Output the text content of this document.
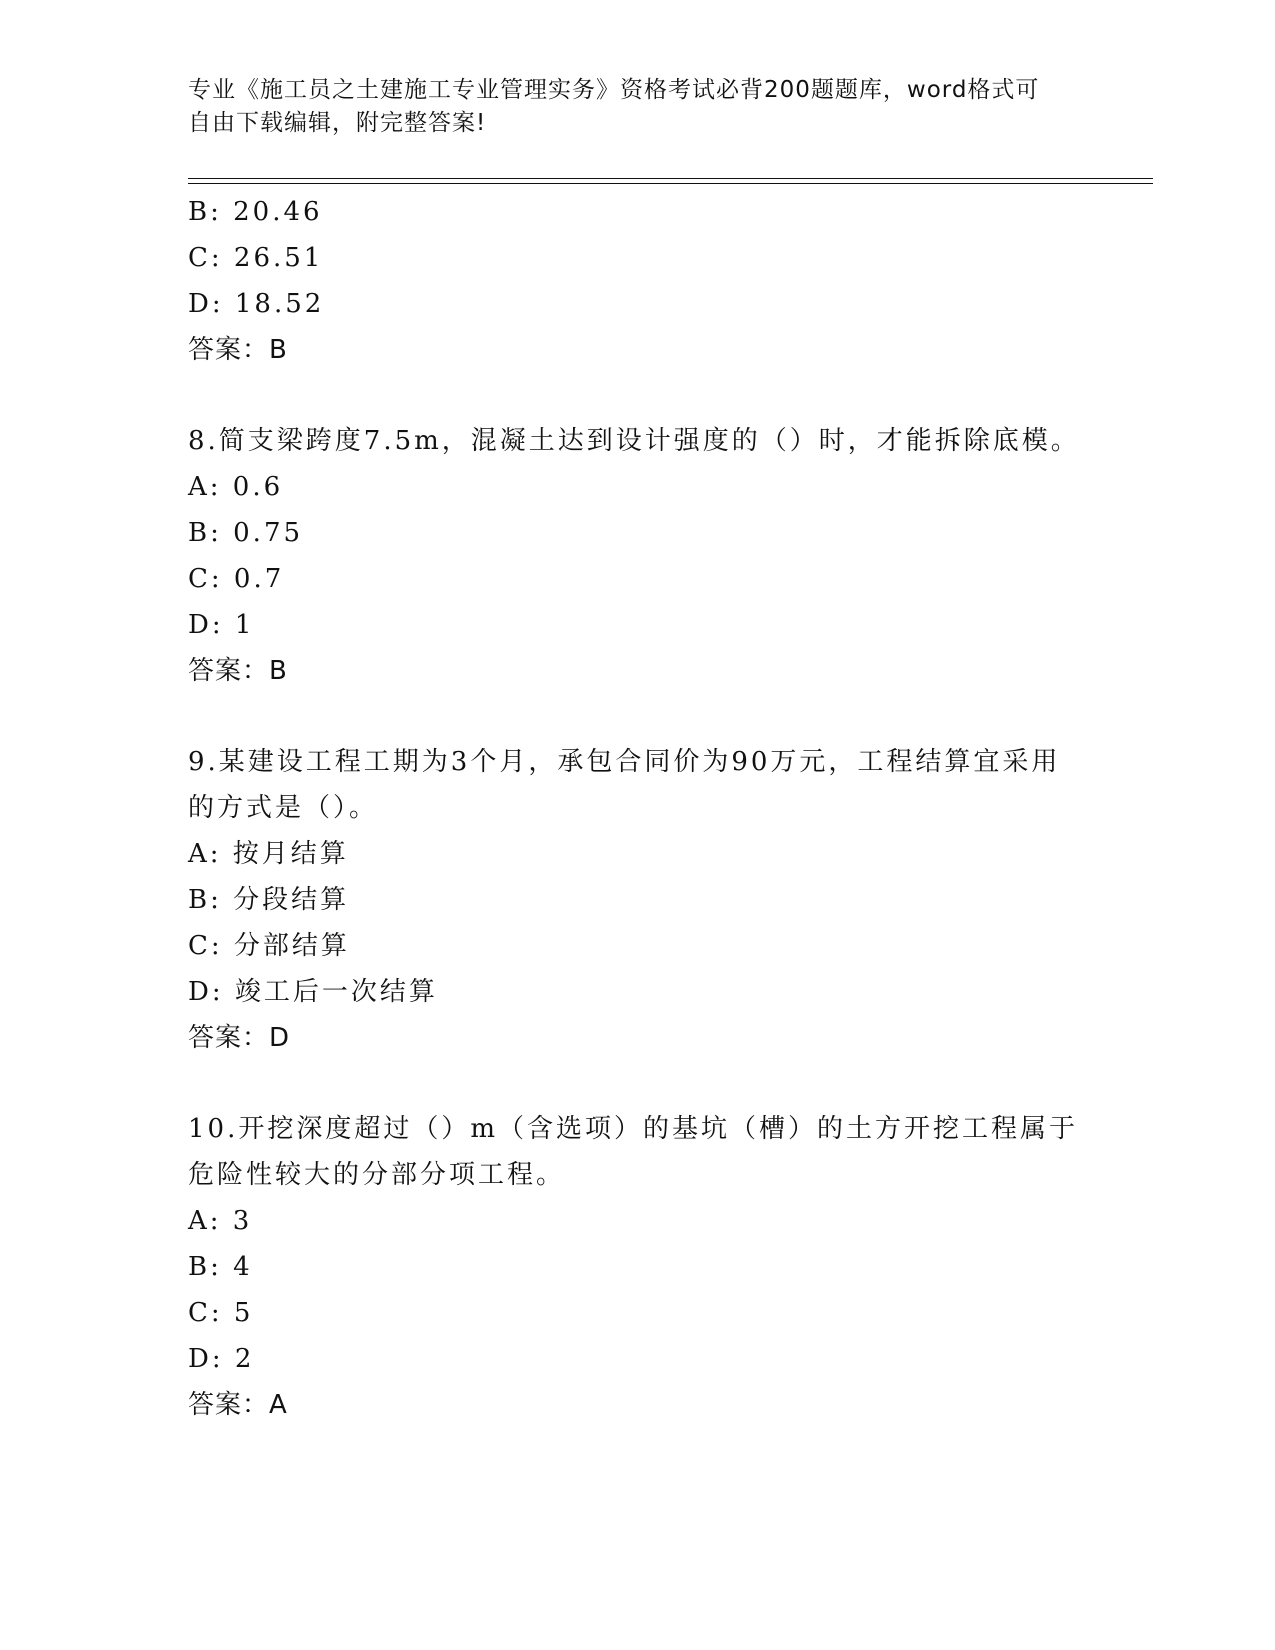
专业《施工员之土建施工专业管理实务》资格考试必背200题题库，word格式可
自由下载编辑，附完整答案!
B: 20.46
C: 26.51
D: 18.52
答案：B
8.简支梁跨度7.5m，混凝土达到设计强度的（）时，才能拆除底模。
A: 0.6
B: 0.75
C: 0.7
D: 1
答案：B
9.某建设工程工期为3个月，承包合同价为90万元，工程结算宜采用
的方式是（）。
A: 按月结算
B: 分段结算
C: 分部结算
D: 竣工后一次结算
答案：D
10.开挖深度超过（）m（含选项）的基坑（槽）的土方开挖工程属于
危险性较大的分部分项工程。
A: 3
B: 4
C: 5
D: 2
答案：A
